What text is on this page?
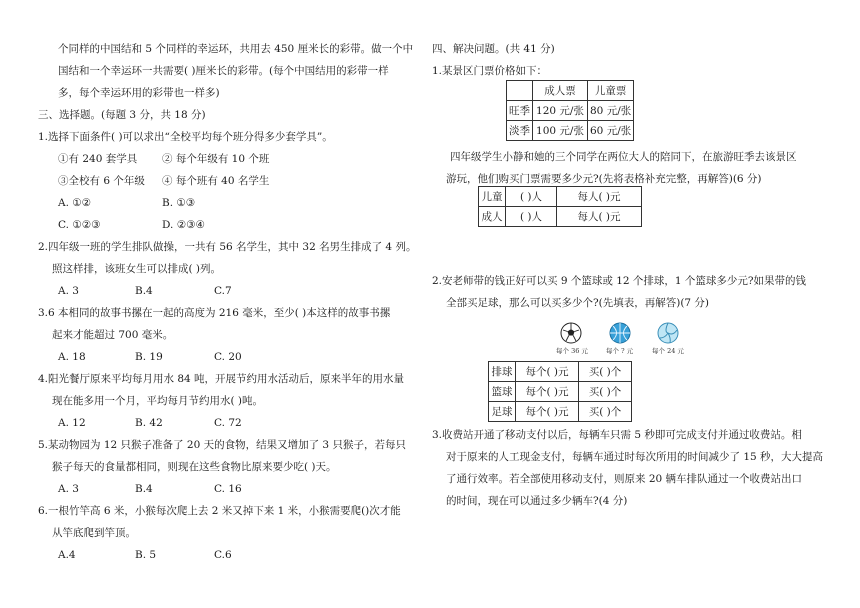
个同样的中国结和 5 个同样的幸运环，共用去 450 厘米长的彩带。做一个中
国结和一个幸运环一共需要( )厘米长的彩带。(每个中国结用的彩带一样
多，每个幸运环用的彩带也一样多)
三、选择题。(每题 3 分，共 18 分)
1.选择下面条件( )可以求出“全校平均每个班分得多少套学具”。
①有 240 套学具 ② 每个年级有 10 个班
③全校有 6 个年级 ④ 每个班有 40 名学生
A. ①②	B. ①③
C. ①②③	D. ②③④
2.四年级一班的学生排队做操，一共有 56 名学生，其中 32 名男生排成了 4 列。
照这样排，该班女生可以排成( )列。
A. 3	B.4	C.7
3.6 本相同的故事书摞在一起的高度为 216 毫米，至少( )本这样的故事书摞
起来才能超过 700 毫米。
A. 18	B. 19	C. 20
4.阳光餐厅原来平均每月用水 84 吨，开展节约用水活动后，原来半年的用水量
现在能多用一个月，平均每月节约用水( )吨。
A. 12	B. 42	C. 72
5.某动物园为 12 只猴子准备了 20 天的食物，结果又增加了 3 只猴子，若每只
猴子每天的食量都相同，则现在这些食物比原来要少吃( )天。
A. 3	B.4	C. 16
6.一根竹竿高 6 米，小猴每次爬上去 2 米又掉下来 1 米，小猴需要爬()次才能
从竿底爬到竿顶。
A.4	B. 5	C.6
四、解决问题。(共 41 分)
1.某景区门票价格如下：
	成人票	儿童票
旺季	120 元/张	80 元/张
淡季	100 元/张	60 元/张
四年级学生小静和她的三个同学在两位大人的陪同下，在旅游旺季去该景区
游玩，他们购买门票需要多少元?(先将表格补充完整，再解答)(6 分)
儿童	( )人	每人( )元
成人	( )人	每人( )元
2.安老师带的钱正好可以买 9 个篮球或 12 个排球，1 个篮球多少元?如果带的钱
全部买足球，那么可以买多少个?(先填表，再解答)(7 分)
每个 36 元	每个 ? 元	每个 24 元
排球	每个( )元	买( )个
篮球	每个( )元	买( )个
足球	每个( )元	买( )个
3.收费站开通了移动支付以后，每辆车只需 5 秒即可完成支付并通过收费站。相
对于原来的人工现金支付，每辆车通过时每次所用的时间减少了 15 秒，大大提高
了通行效率。若全部使用移动支付，则原来 20 辆车排队通过一个收费站出口
的时间，现在可以通过多少辆车?(4 分)
